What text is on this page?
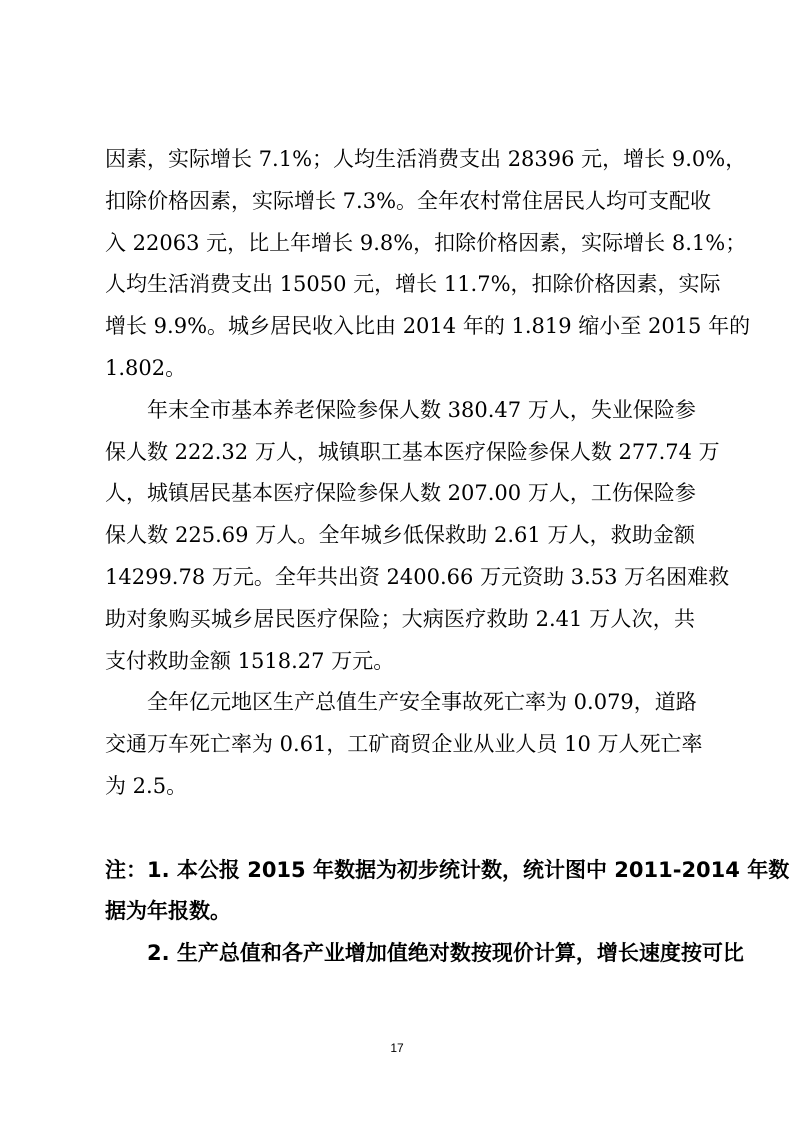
因素，实际增长 7.1%；人均生活消费支出 28396 元，增长 9.0%，
扣除价格因素，实际增长 7.3%。全年农村常住居民人均可支配收
入 22063 元，比上年增长 9.8%，扣除价格因素，实际增长 8.1%；
人均生活消费支出 15050 元，增长 11.7%，扣除价格因素，实际
增长 9.9%。城乡居民收入比由 2014 年的 1.819 缩小至 2015 年的
1.802。
年末全市基本养老保险参保人数 380.47 万人，失业保险参
保人数 222.32 万人，城镇职工基本医疗保险参保人数 277.74 万
人，城镇居民基本医疗保险参保人数 207.00 万人，工伤保险参
保人数 225.69 万人。全年城乡低保救助 2.61 万人，救助金额
14299.78 万元。全年共出资 2400.66 万元资助 3.53 万名困难救
助对象购买城乡居民医疗保险；大病医疗救助 2.41 万人次，共
支付救助金额 1518.27 万元。
全年亿元地区生产总值生产安全事故死亡率为 0.079，道路
交通万车死亡率为 0.61，工矿商贸企业从业人员 10 万人死亡率
为 2.5。
注：1. 本公报 2015 年数据为初步统计数，统计图中 2011-2014 年数
据为年报数。
2. 生产总值和各产业增加值绝对数按现价计算，增长速度按可比
17
